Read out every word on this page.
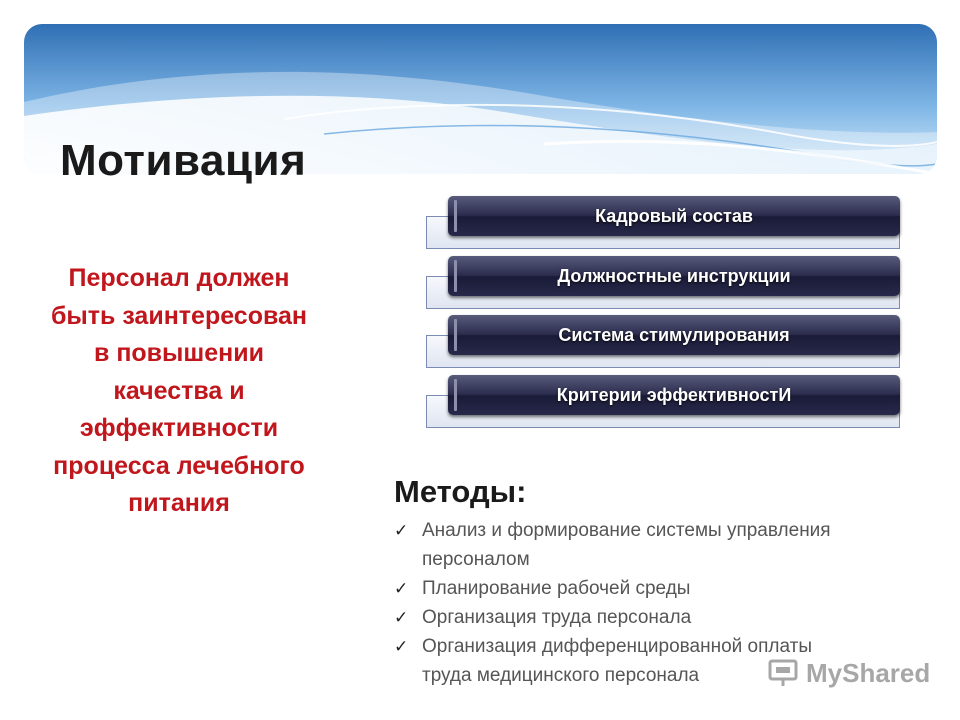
Мотивация
Персонал должен
быть заинтересован
в повышении
качества и
эффективности
процесса лечебного
питания
Кадровый состав
Должностные инструкции
Система стимулирования
Критерии эффективностИ
Методы:
✓ Анализ и формирование системы управления персоналом
✓ Планирование рабочей среды
✓ Организация труда персонала
✓ Организация дифференцированной оплаты труда медицинского персонала	MyShared
